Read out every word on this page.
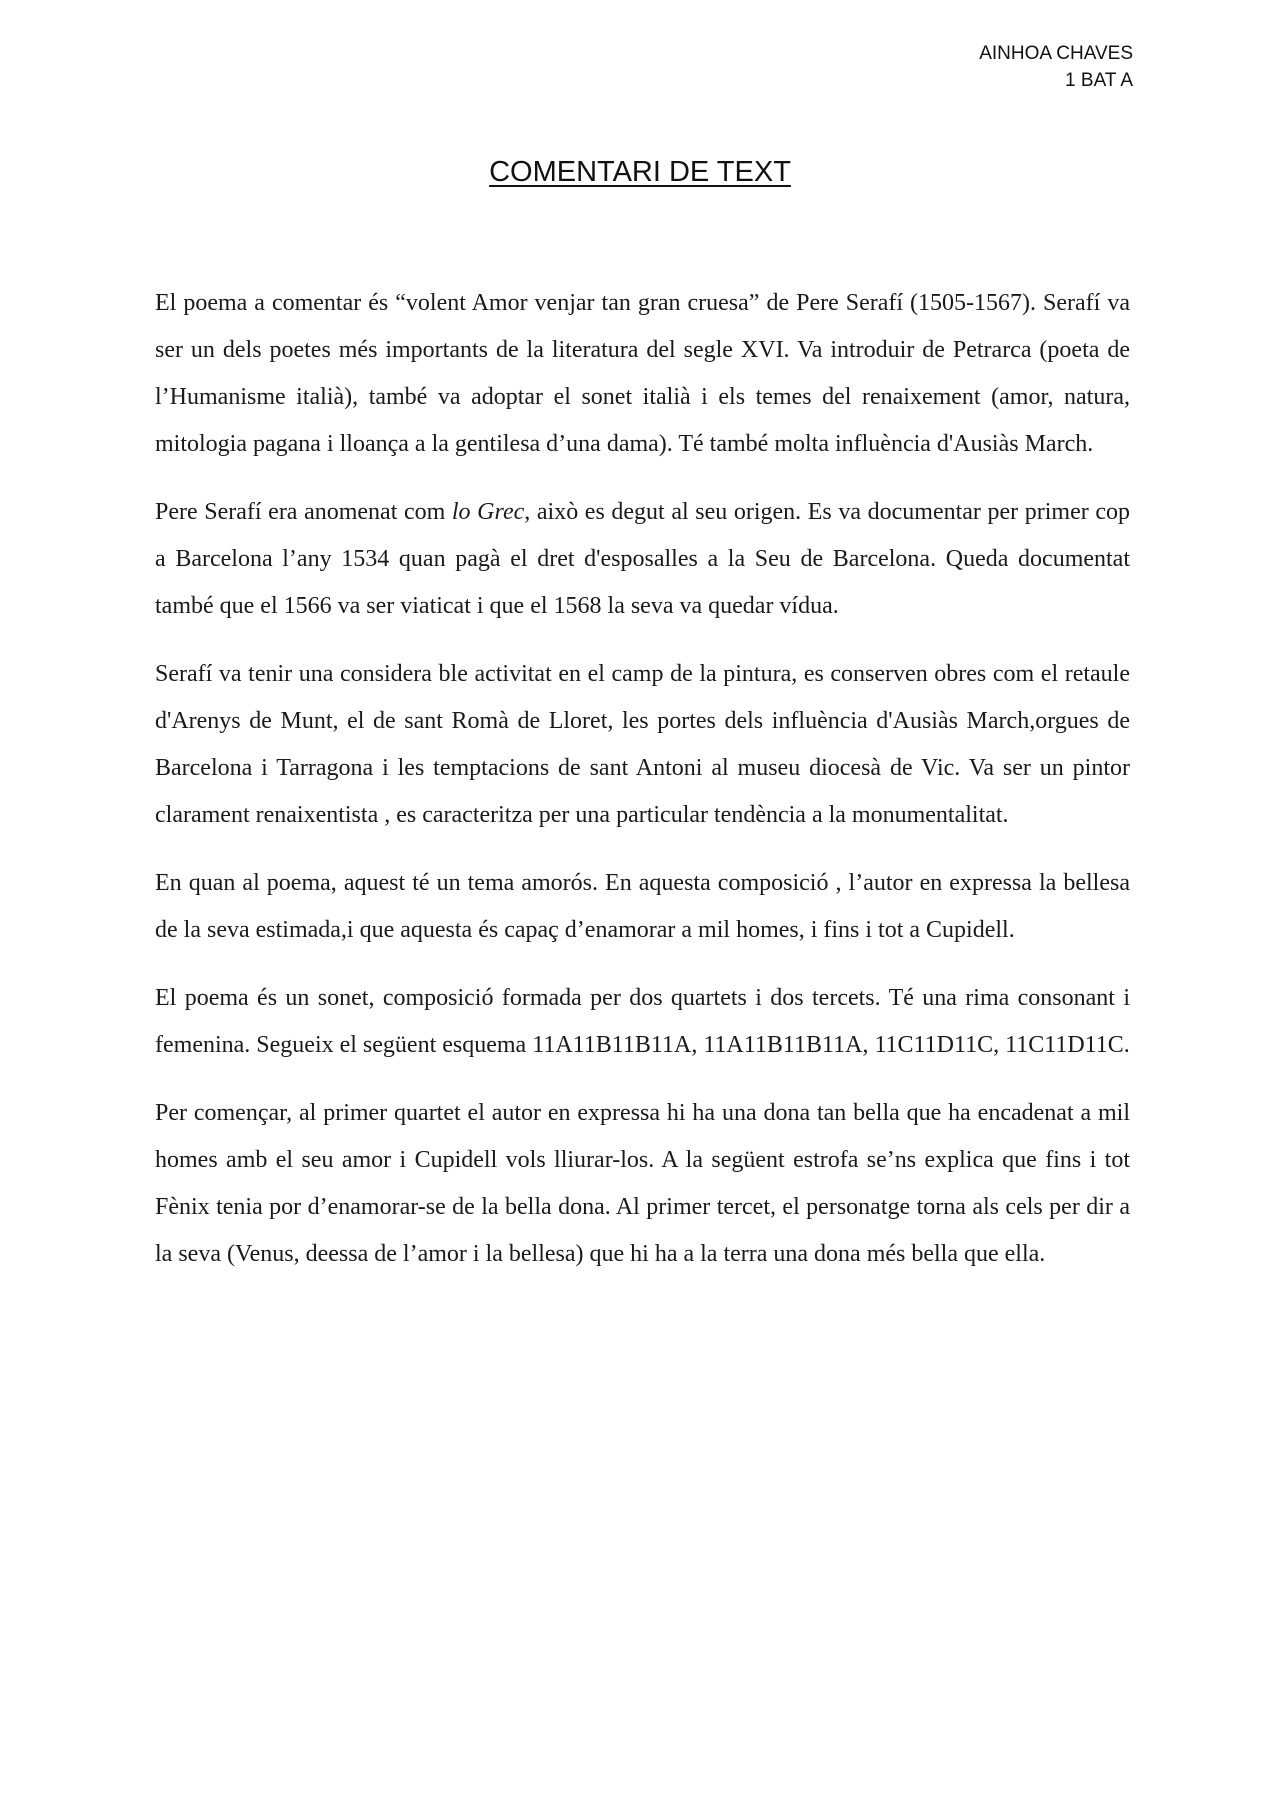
AINHOA CHAVES
1 BAT A
COMENTARI DE TEXT

El poema a comentar és “volent Amor venjar tan gran cruesa” de Pere Serafí (1505-1567). Serafí va ser un dels poetes més importants de la literatura del segle XVI. Va introduir de Petrarca (poeta de l’Humanisme italià), també va adoptar el sonet italià i els temes del renaixement (amor, natura, mitologia pagana i lloança a la gentilesa d’una dama). Té també molta influència d'Ausiàs March.

Pere Serafí era anomenat com lo Grec, això es degut al seu origen. Es va documentar per primer cop a Barcelona l’any 1534 quan pagà el dret d'esposalles a la Seu de Barcelona. Queda documentat també que el 1566 va ser viaticat i que el 1568 la seva va quedar vídua.

Serafí va tenir una considera ble activitat en el camp de la pintura, es conserven obres com el retaule d'Arenys de Munt, el de sant Romà de Lloret, les portes dels influència d'Ausiàs March,orgues de Barcelona i Tarragona i les temptacions de sant Antoni al museu diocesà de Vic. Va ser un pintor clarament renaixentista , es caracteritza per una particular tendència a la monumentalitat.

En quan al poema, aquest té un tema amorós. En aquesta composició , l’autor en expressa la bellesa de la seva estimada,i que aquesta és capaç d’enamorar a mil homes, i fins i tot a Cupidell.

El poema és un sonet, composició formada per dos quartets i dos tercets. Té una rima consonant i femenina. Segueix el següent esquema 11A11B11B11A, 11A11B11B11A, 11C11D11C, 11C11D11C.

Per començar, al primer quartet el autor en expressa hi ha una dona tan bella que ha encadenat a mil homes amb el seu amor i Cupidell vols lliurar-los. A la següent estrofa se’ns explica que fins i tot Fènix tenia por d’enamorar-se de la bella dona. Al primer tercet, el personatge torna als cels per dir a la seva (Venus, deessa de l’amor i la bellesa) que hi ha a la terra una dona més bella que ella.
